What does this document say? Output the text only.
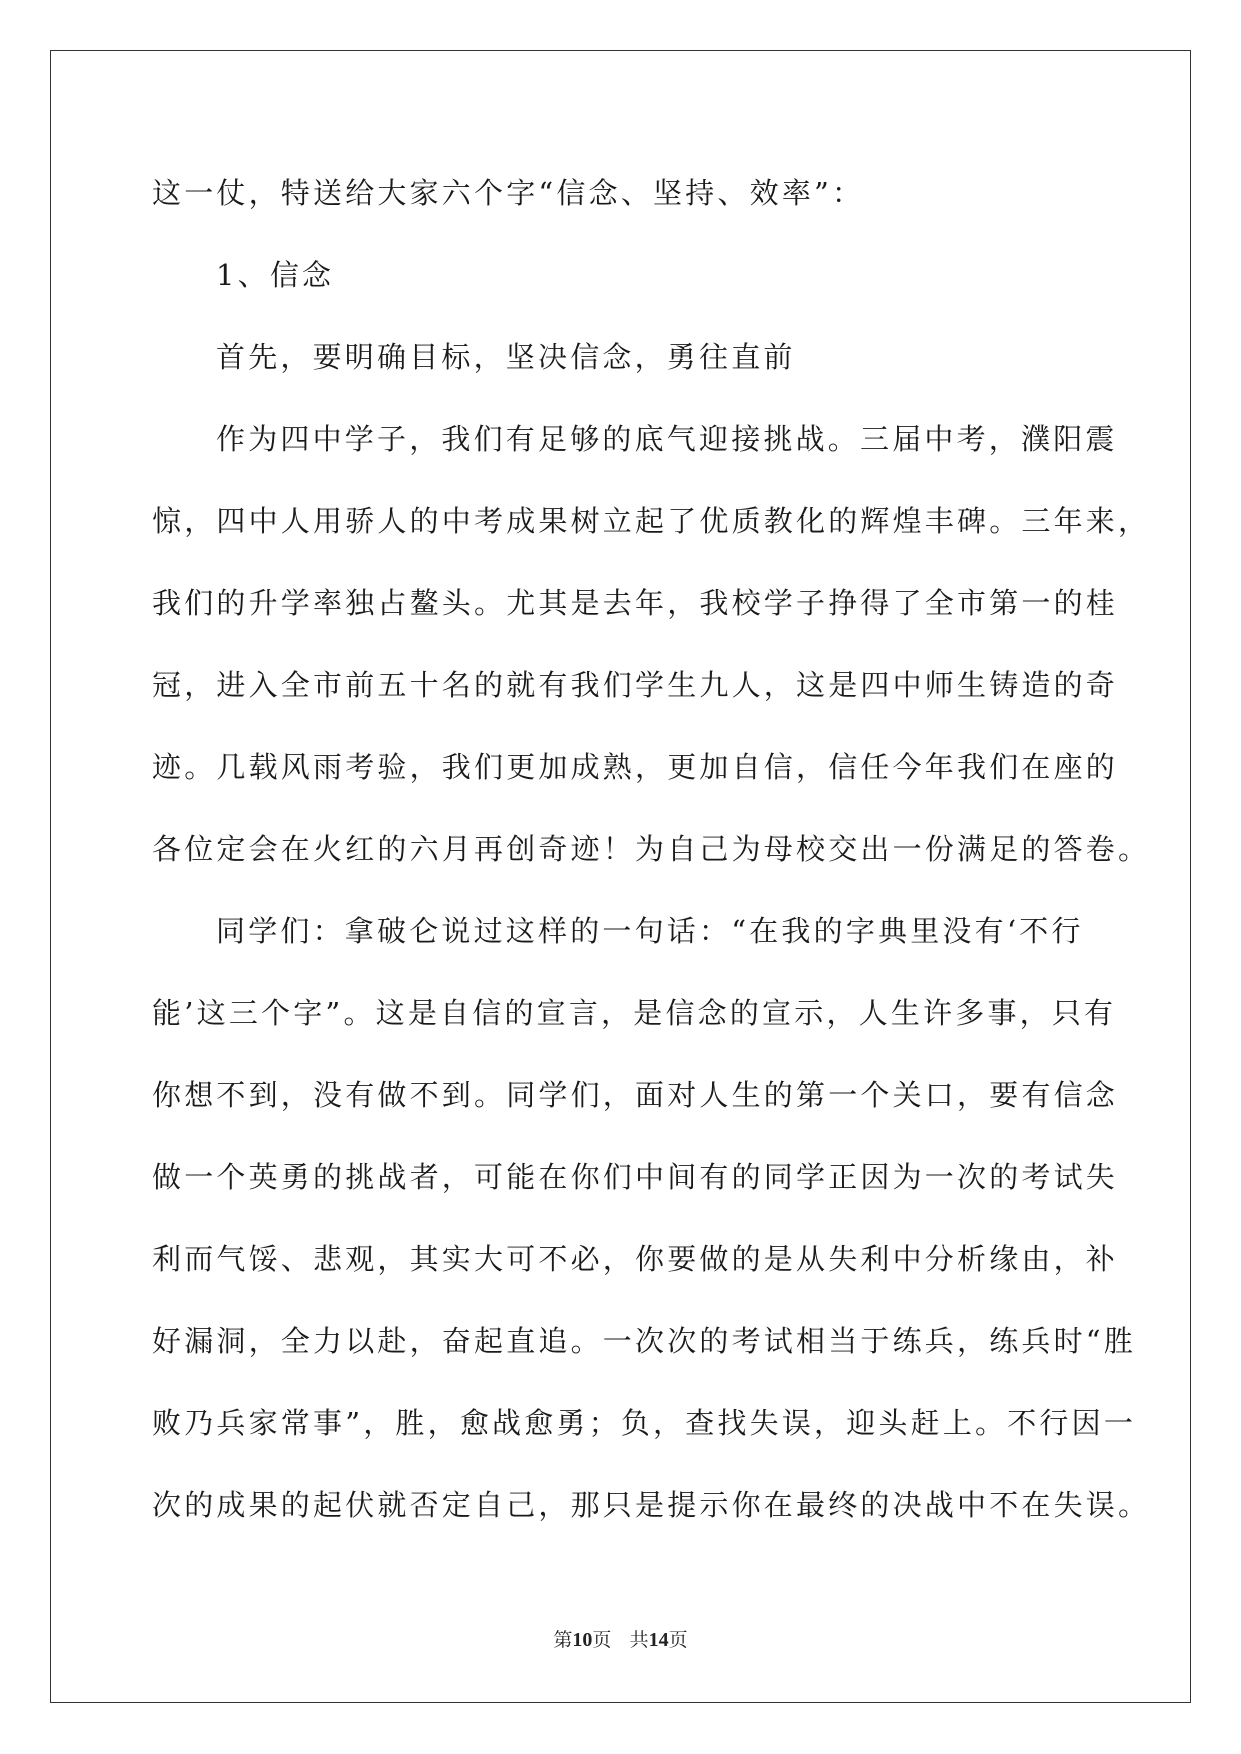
这一仗，特送给大家六个字“信念、坚持、效率”：
1、信念
首先，要明确目标，坚决信念，勇往直前
作为四中学子，我们有足够的底气迎接挑战。三届中考，濮阳震
惊，四中人用骄人的中考成果树立起了优质教化的辉煌丰碑。三年来，
我们的升学率独占鳌头。尤其是去年，我校学子挣得了全市第一的桂
冠，进入全市前五十名的就有我们学生九人，这是四中师生铸造的奇
迹。几载风雨考验，我们更加成熟，更加自信，信任今年我们在座的
各位定会在火红的六月再创奇迹！为自己为母校交出一份满足的答卷。
同学们：拿破仑说过这样的一句话：“在我的字典里没有‘不行
能’这三个字”。这是自信的宣言，是信念的宣示，人生许多事，只有
你想不到，没有做不到。同学们，面对人生的第一个关口，要有信念
做一个英勇的挑战者，可能在你们中间有的同学正因为一次的考试失
利而气馁、悲观，其实大可不必，你要做的是从失利中分析缘由，补
好漏洞，全力以赴，奋起直追。一次次的考试相当于练兵，练兵时“胜
败乃兵家常事”，胜，愈战愈勇；负，查找失误，迎头赶上。不行因一
次的成果的起伏就否定自己，那只是提示你在最终的决战中不在失误。
第10页 共14页
